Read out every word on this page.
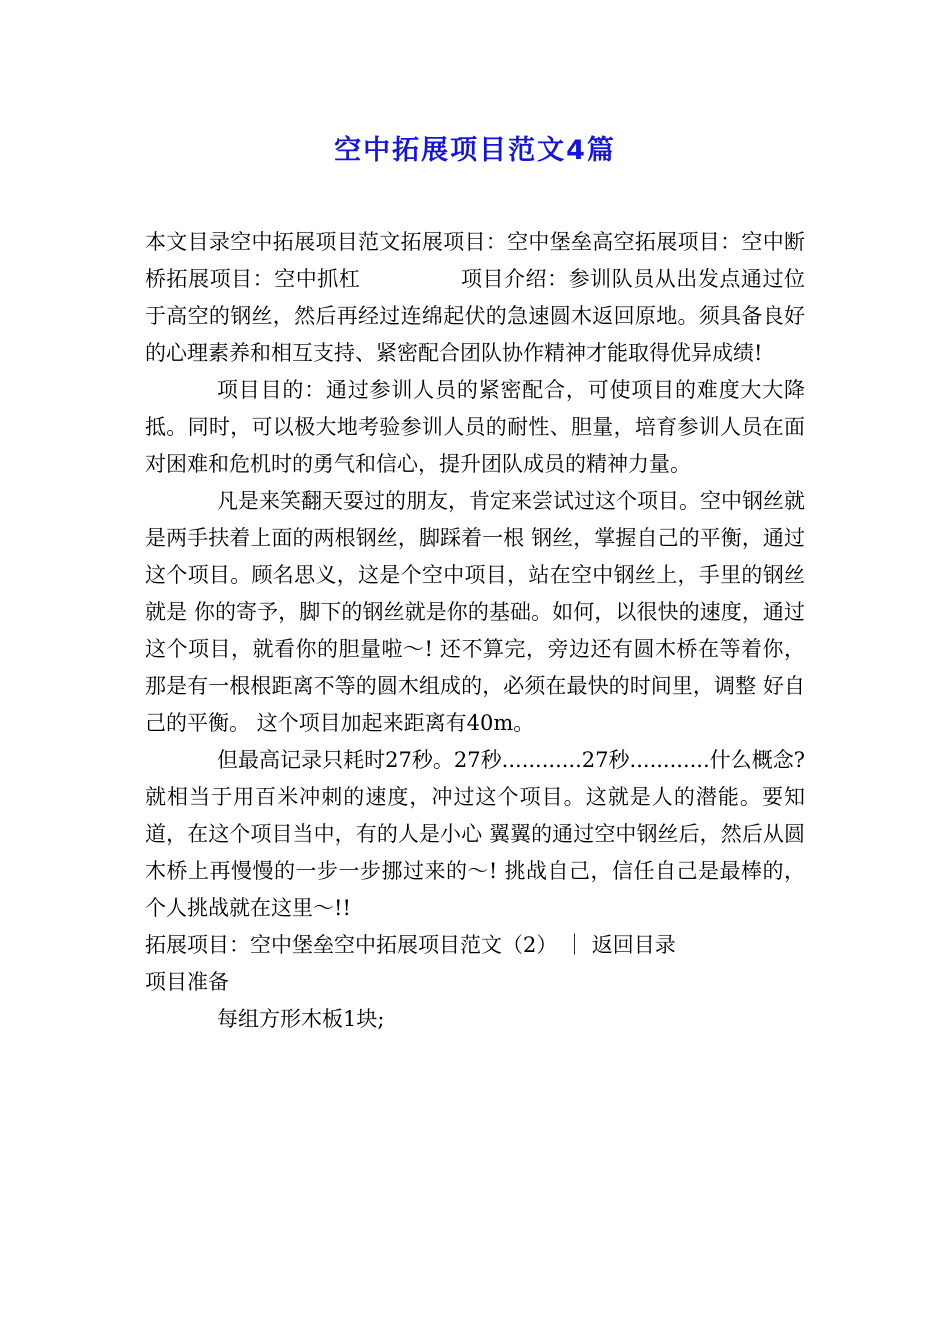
空中拓展项目范文4篇

本文目录空中拓展项目范文拓展项目：空中堡垒高空拓展项目：空中断桥拓展项目：空中抓杠 　　 　　项目介绍：参训队员从出发点通过位于高空的钢丝，然后再经过连绵起伏的急速圆木返回原地。须具备良好的心理素养和相互支持、紧密配合团队协作精神才能取得优异成绩!

项目目的：通过参训人员的紧密配合，可使项目的难度大大降抵。同时，可以极大地考验参训人员的耐性、胆量，培育参训人员在面对困难和危机时的勇气和信心，提升团队成员的精神力量。

凡是来笑翻天耍过的朋友，肯定来尝试过这个项目。空中钢丝就是两手扶着上面的两根钢丝，脚踩着一根 钢丝，掌握自己的平衡，通过这个项目。顾名思义，这是个空中项目，站在空中钢丝上，手里的钢丝就是 你的寄予，脚下的钢丝就是你的基础。如何，以很快的速度，通过这个项目，就看你的胆量啦～! 还不算完，旁边还有圆木桥在等着你，那是有一根根距离不等的圆木组成的，必须在最快的时间里，调整 好自己的平衡。 这个项目加起来距离有40m。

但最高记录只耗时27秒。27秒............27秒............什么概念? 就相当于用百米冲刺的速度，冲过这个项目。这就是人的潜能。要知道，在这个项目当中，有的人是小心 翼翼的通过空中钢丝后，然后从圆木桥上再慢慢的一步一步挪过来的～! 挑战自己，信任自己是最棒的，个人挑战就在这里～!!

拓展项目：空中堡垒空中拓展项目范文（2） ｜ 返回目录

项目准备

每组方形木板1块;
